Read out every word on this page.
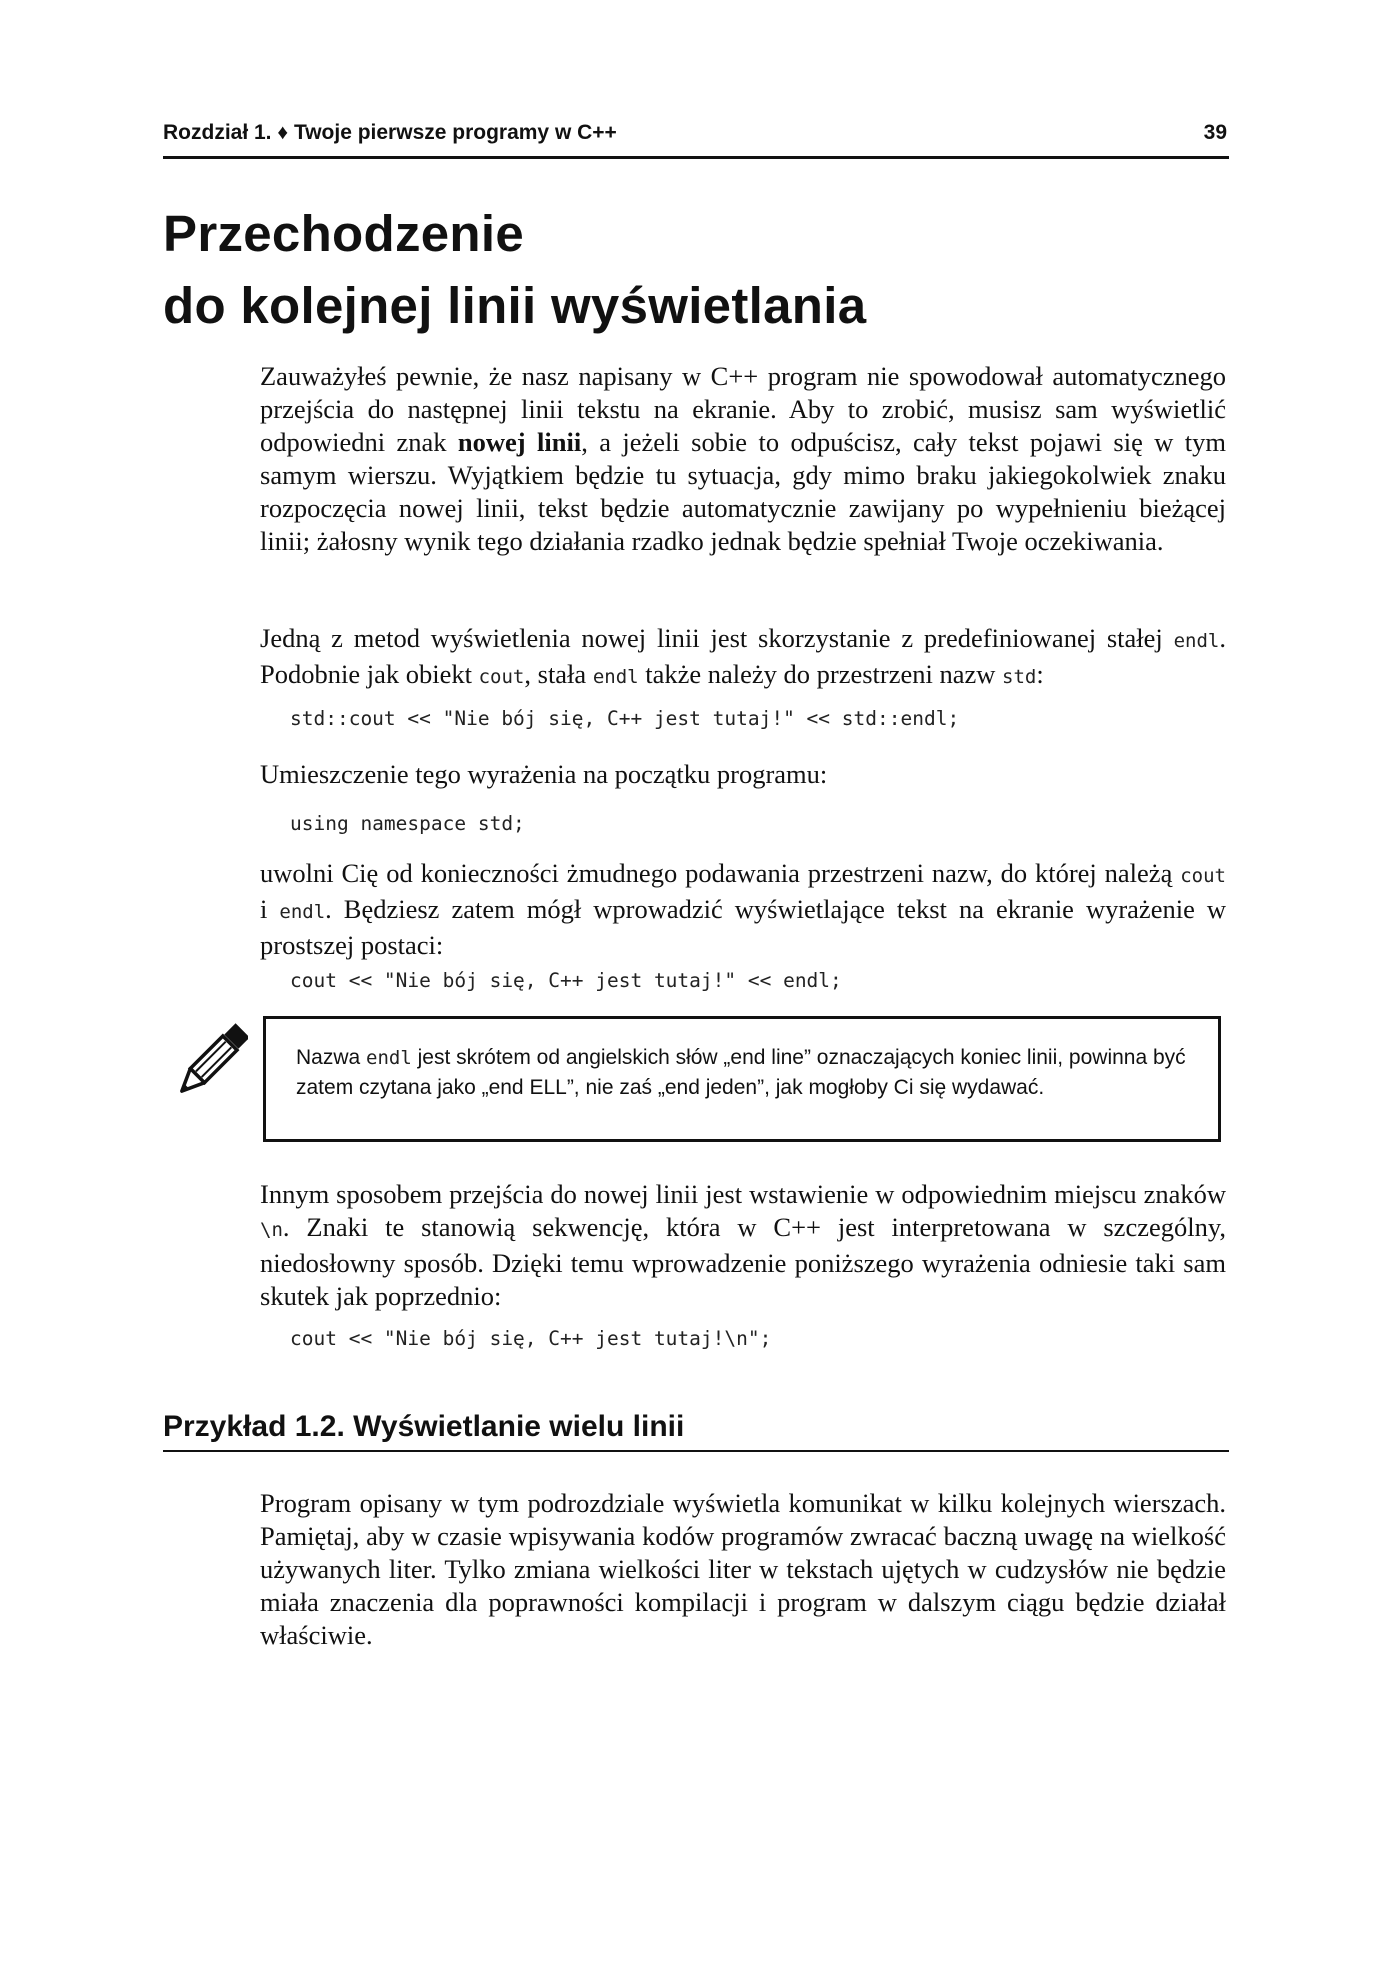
Rozdział 1. ♦ Twoje pierwsze programy w C++	39
Przechodzenie
do kolejnej linii wyświetlania

Zauważyłeś pewnie, że nasz napisany w C++ program nie spowodował automatycznego przejścia do następnej linii tekstu na ekranie. Aby to zrobić, musisz sam wyświetlić odpowiedni znak nowej linii, a jeżeli sobie to odpuścisz, cały tekst pojawi się w tym samym wierszu. Wyjątkiem będzie tu sytuacja, gdy mimo braku jakiegokolwiek znaku rozpoczęcia nowej linii, tekst będzie automatycznie zawijany po wypełnieniu bieżącej linii; żałosny wynik tego działania rzadko jednak będzie spełniał Twoje oczekiwania.

Jedną z metod wyświetlenia nowej linii jest skorzystanie z predefiniowanej stałej endl. Podobnie jak obiekt cout, stała endl także należy do przestrzeni nazw std:

std::cout << "Nie bój się, C++ jest tutaj!" << std::endl;

Umieszczenie tego wyrażenia na początku programu:

using namespace std;

uwolni Cię od konieczności żmudnego podawania przestrzeni nazw, do której należą cout i endl. Będziesz zatem mógł wprowadzić wyświetlające tekst na ekranie wyrażenie w prostszej postaci:

cout << "Nie bój się, C++ jest tutaj!" << endl;
Nazwa endl jest skrótem od angielskich słów „end line” oznaczających koniec linii, powinna być zatem czytana jako „end ELL”, nie zaś „end jeden”, jak mogłoby Ci się wydawać.

Innym sposobem przejścia do nowej linii jest wstawienie w odpowiednim miejscu znaków \n. Znaki te stanowią sekwencję, która w C++ jest interpretowana w szczególny, niedosłowny sposób. Dzięki temu wprowadzenie poniższego wyrażenia odniesie taki sam skutek jak poprzednio:

cout << "Nie bój się, C++ jest tutaj!\n";
Przykład 1.2. Wyświetlanie wielu linii

Program opisany w tym podrozdziale wyświetla komunikat w kilku kolejnych wierszach. Pamiętaj, aby w czasie wpisywania kodów programów zwracać baczną uwagę na wielkość używanych liter. Tylko zmiana wielkości liter w tekstach ujętych w cudzysłów nie będzie miała znaczenia dla poprawności kompilacji i program w dalszym ciągu będzie działał właściwie.
